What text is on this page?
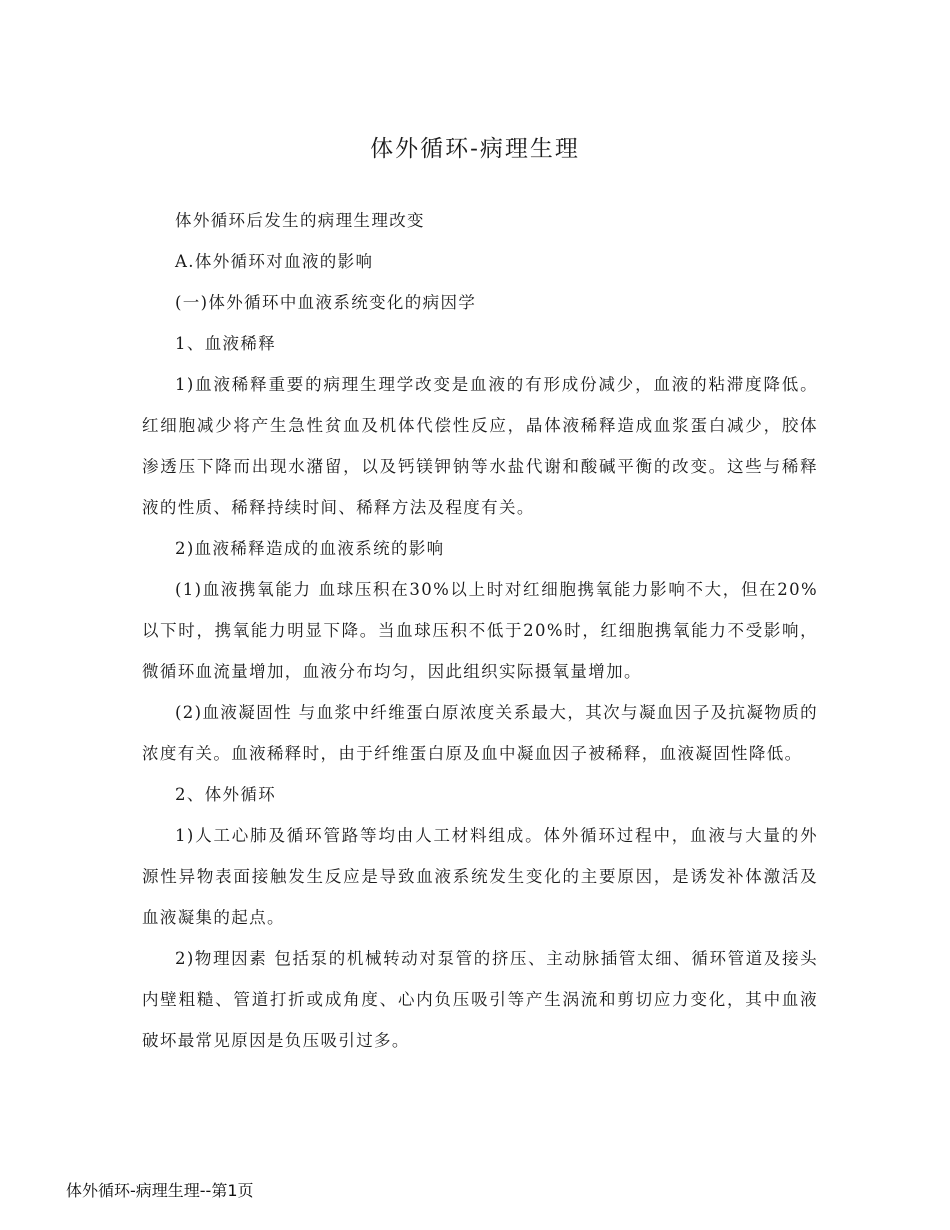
体外循环-病理生理

体外循环后发生的病理生理改变

A.体外循环对血液的影响

(一)体外循环中血液系统变化的病因学

1、血液稀释

1)血液稀释重要的病理生理学改变是血液的有形成份减少，血液的粘滞度降低。红细胞减少将产生急性贫血及机体代偿性反应，晶体液稀释造成血浆蛋白减少，胶体渗透压下降而出现水潴留，以及钙镁钾钠等水盐代谢和酸碱平衡的改变。这些与稀释液的性质、稀释持续时间、稀释方法及程度有关。

2)血液稀释造成的血液系统的影响

(1)血液携氧能力 血球压积在30%以上时对红细胞携氧能力影响不大，但在20%以下时，携氧能力明显下降。当血球压积不低于20%时，红细胞携氧能力不受影响，微循环血流量增加，血液分布均匀，因此组织实际摄氧量增加。

(2)血液凝固性 与血浆中纤维蛋白原浓度关系最大，其次与凝血因子及抗凝物质的浓度有关。血液稀释时，由于纤维蛋白原及血中凝血因子被稀释，血液凝固性降低。

2、体外循环

1)人工心肺及循环管路等均由人工材料组成。体外循环过程中，血液与大量的外源性异物表面接触发生反应是导致血液系统发生变化的主要原因，是诱发补体激活及血液凝集的起点。

2)物理因素 包括泵的机械转动对泵管的挤压、主动脉插管太细、循环管道及接头内壁粗糙、管道打折或成角度、心内负压吸引等产生涡流和剪切应力变化，其中血液破坏最常见原因是负压吸引过多。

体外循环-病理生理--第1页
